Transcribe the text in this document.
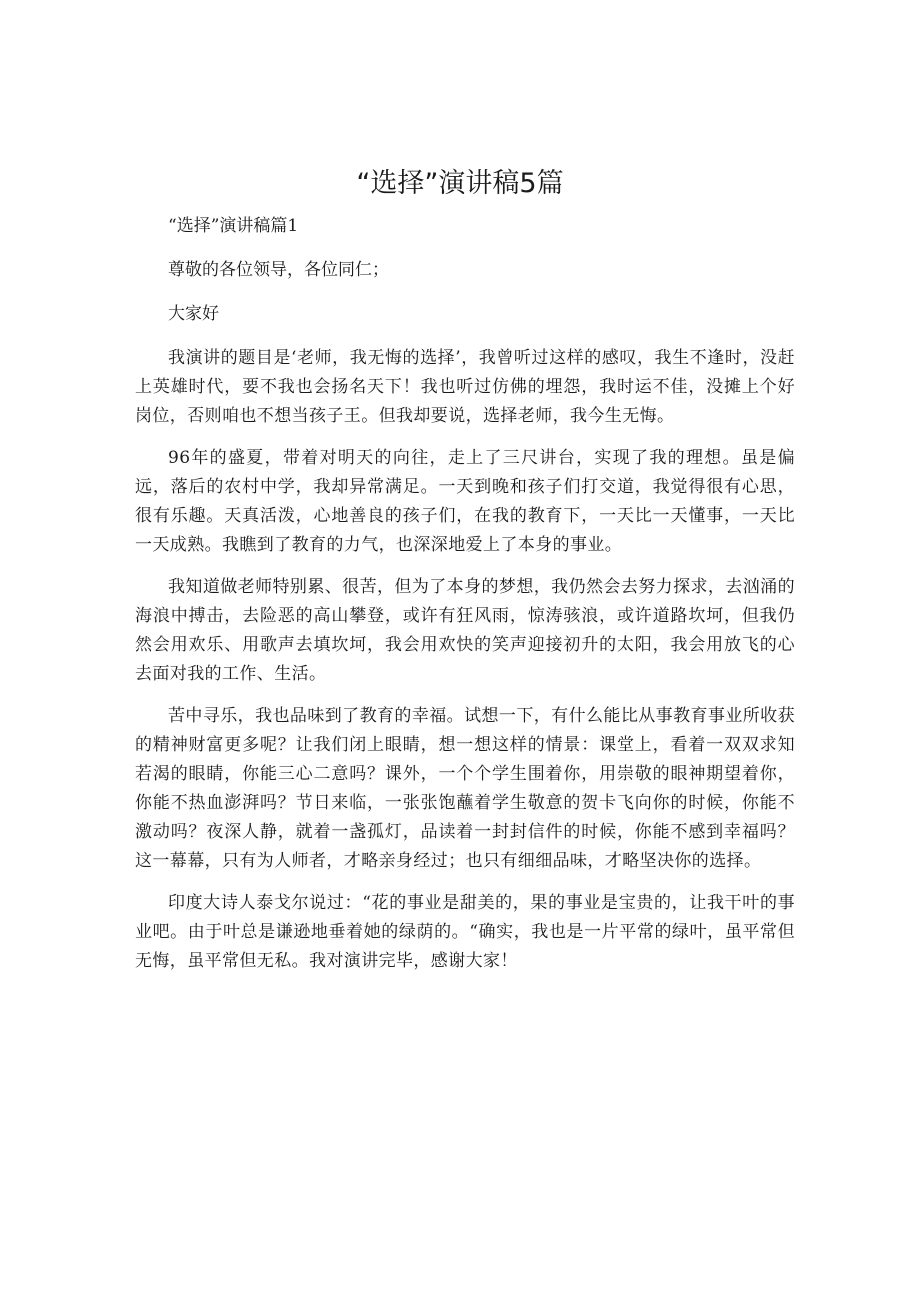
“选择”演讲稿5篇
“选择”演讲稿篇1
尊敬的各位领导，各位同仁；
大家好

我演讲的题目是‘老师，我无悔的选择’，我曾听过这样的感叹，我生不逢时，没赶上英雄时代，要不我也会扬名天下！我也听过仿佛的埋怨，我时运不佳，没摊上个好岗位，否则咱也不想当孩子王。但我却要说，选择老师，我今生无悔。

96年的盛夏，带着对明天的向往，走上了三尺讲台，实现了我的理想。虽是偏远，落后的农村中学，我却异常满足。一天到晚和孩子们打交道，我觉得很有心思，很有乐趣。天真活泼，心地善良的孩子们，在我的教育下，一天比一天懂事，一天比一天成熟。我瞧到了教育的力气，也深深地爱上了本身的事业。

我知道做老师特别累、很苦，但为了本身的梦想，我仍然会去努力探求，去汹涌的海浪中搏击，去险恶的高山攀登，或许有狂风雨，惊涛骇浪，或许道路坎坷，但我仍然会用欢乐、用歌声去填坎坷，我会用欢快的笑声迎接初升的太阳，我会用放飞的心去面对我的工作、生活。

苦中寻乐，我也品味到了教育的幸福。试想一下，有什么能比从事教育事业所收获的精神财富更多呢？让我们闭上眼睛，想一想这样的情景：课堂上，看着一双双求知若渴的眼睛，你能三心二意吗？课外，一个个学生围着你，用崇敬的眼神期望着你，你能不热血澎湃吗？节日来临，一张张饱蘸着学生敬意的贺卡飞向你的时候，你能不激动吗？夜深人静，就着一盏孤灯，品读着一封封信件的时候，你能不感到幸福吗？这一幕幕，只有为人师者，才略亲身经过；也只有细细品味，才略坚决你的选择。

印度大诗人泰戈尔说过：“花的事业是甜美的，果的事业是宝贵的，让我干叶的事业吧。由于叶总是谦逊地垂着她的绿荫的。“确实，我也是一片平常的绿叶，虽平常但无悔，虽平常但无私。我对演讲完毕，感谢大家！
